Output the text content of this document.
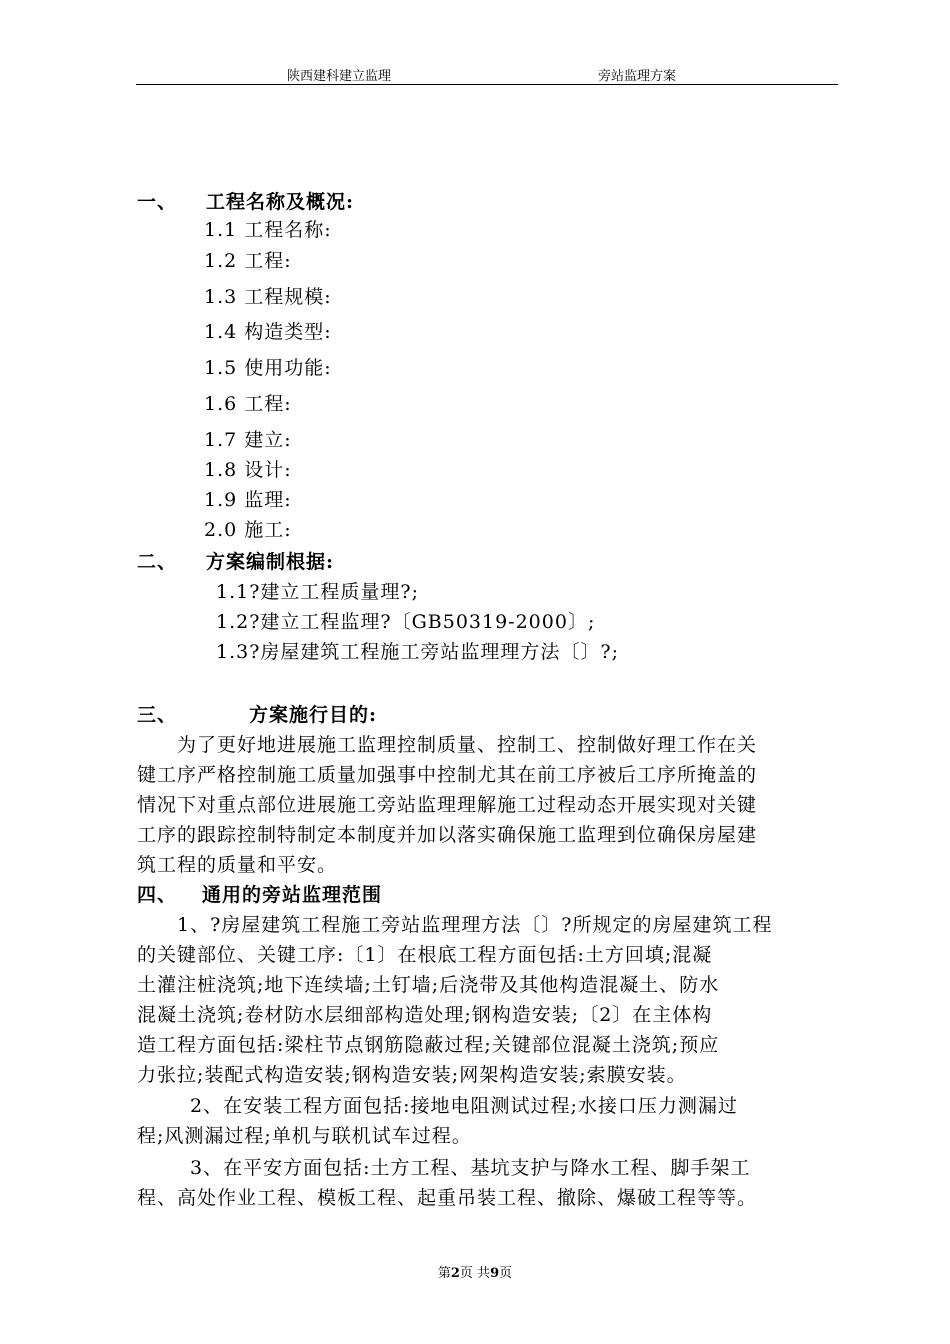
陕西建科建立监理	旁站监理方案
一、 工程名称及概况:
1.1 工程名称:
1.2 工程:
1.3 工程规模:
1.4 构造类型:
1.5 使用功能:
1.6 工程:
1.7 建立:
1.8 设计:
1.9 监理:
2.0 施工:
二、 方案编制根据:
1.1?建立工程质量理?;
1.2?建立工程监理?〔GB50319-2000〕;
1.3?房屋建筑工程施工旁站监理理方法〔〕?;
三、	方案施行目的:
为了更好地进展施工监理控制质量、控制工、控制做好理工作在关
键工序严格控制施工质量加强事中控制尤其在前工序被后工序所掩盖的
情况下对重点部位进展施工旁站监理理解施工过程动态开展实现对关键
工序的跟踪控制特制定本制度并加以落实确保施工监理到位确保房屋建
筑工程的质量和平安。
四、 通用的旁站监理范围
1、?房屋建筑工程施工旁站监理理方法〔〕?所规定的房屋建筑工程
的关键部位、关键工序:〔1〕在根底工程方面包括:土方回填;混凝
土灌注桩浇筑;地下连续墙;土钉墙;后浇带及其他构造混凝土、防水
混凝土浇筑;卷材防水层细部构造处理;钢构造安装;〔2〕在主体构
造工程方面包括:梁柱节点钢筋隐蔽过程;关键部位混凝土浇筑;预应
力张拉;装配式构造安装;钢构造安装;网架构造安装;索膜安装。
2、在安装工程方面包括:接地电阻测试过程;水接口压力测漏过
程;风测漏过程;单机与联机试车过程。
3、在平安方面包括:土方工程、基坑支护与降水工程、脚手架工
程、高处作业工程、模板工程、起重吊装工程、撤除、爆破工程等等。
第2页 共9页
